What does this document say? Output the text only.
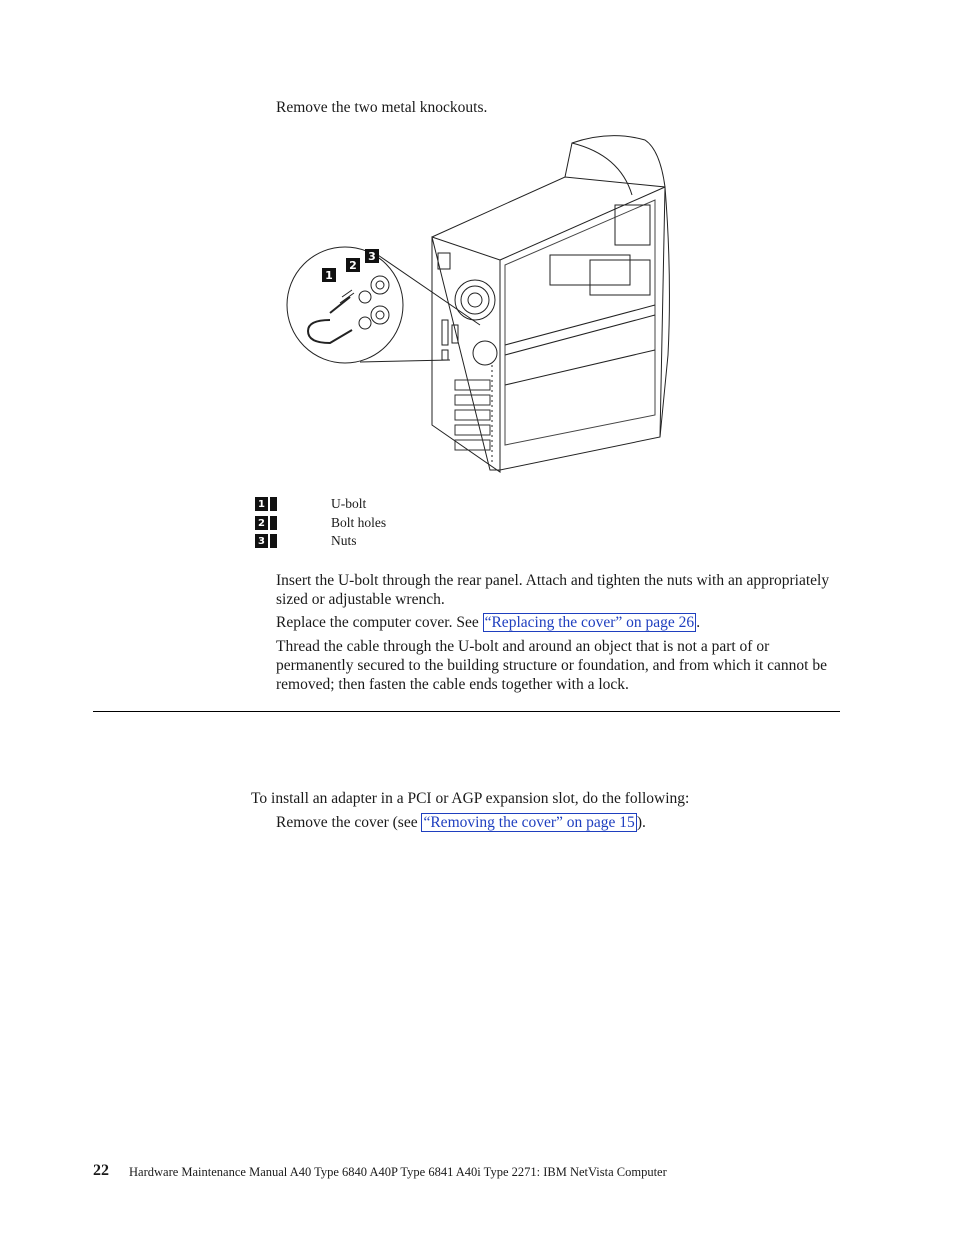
Remove the two metal knockouts.
1
2
3
1	U-bolt
2	Bolt holes
3	Nuts
Insert the U-bolt through the rear panel. Attach and tighten the nuts with an appropriately sized or adjustable wrench.
Replace the computer cover. See “Replacing the cover” on page 26 .
Thread the cable through the U-bolt and around an object that is not a part of or permanently secured to the building structure or foundation, and from which it cannot be removed; then fasten the cable ends together with a lock.
To install an adapter in a PCI or AGP expansion slot, do the following:
Remove the cover (see “Removing the cover” on page 15 ).
22 Hardware Maintenance Manual A40 Type 6840 A40P Type 6841 A40i Type 2271: IBM NetVista Computer
